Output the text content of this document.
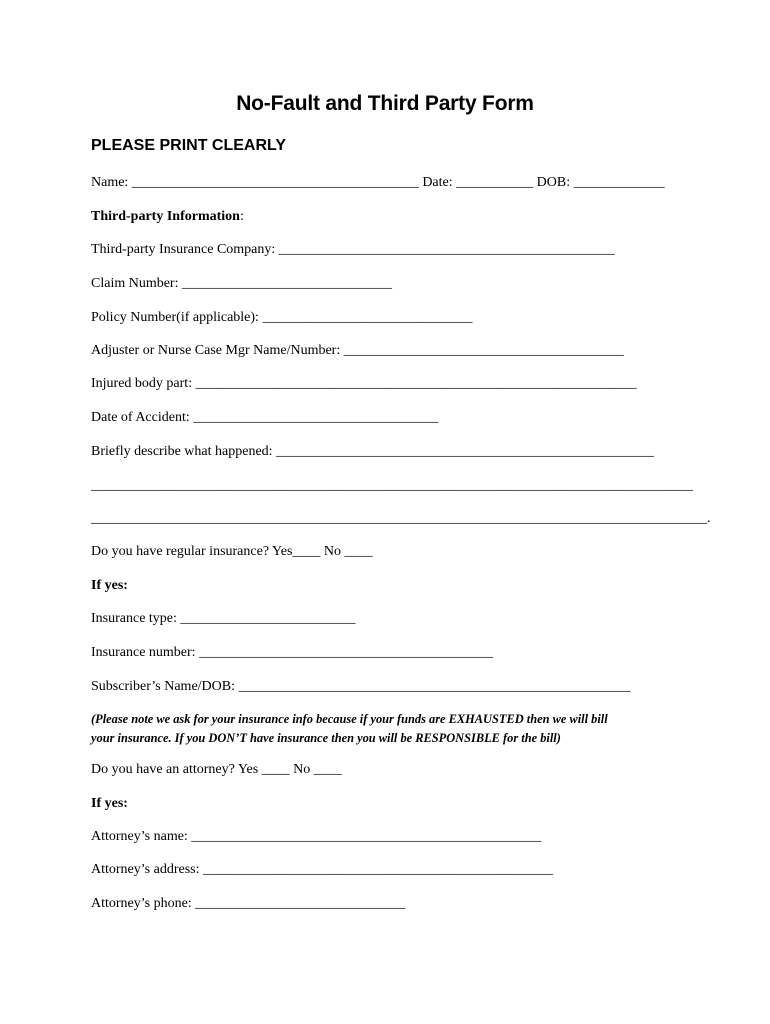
No-Fault and Third Party Form
PLEASE PRINT CLEARLY
Name: _________________________________________ Date: ___________ DOB: _____________
Third-party Information:
Third-party Insurance Company: ________________________________________________
Claim Number: ______________________________
Policy Number(if applicable): ______________________________
Adjuster or Nurse Case Mgr Name/Number: ________________________________________
Injured body part: _______________________________________________________________
Date of Accident: ___________________________________
Briefly describe what happened: ______________________________________________________
______________________________________________________________________________________
________________________________________________________________________________________.
Do you have regular insurance? Yes____ No ____
If yes:
Insurance type: _________________________
Insurance number: __________________________________________
Subscriber’s Name/DOB: ________________________________________________________
(Please note we ask for your insurance info because if your funds are EXHAUSTED then we will bill
your insurance. If you DON’T have insurance then you will be RESPONSIBLE for the bill)
Do you have an attorney? Yes ____ No ____
If yes:
Attorney’s name: __________________________________________________
Attorney’s address: __________________________________________________
Attorney’s phone: ______________________________
